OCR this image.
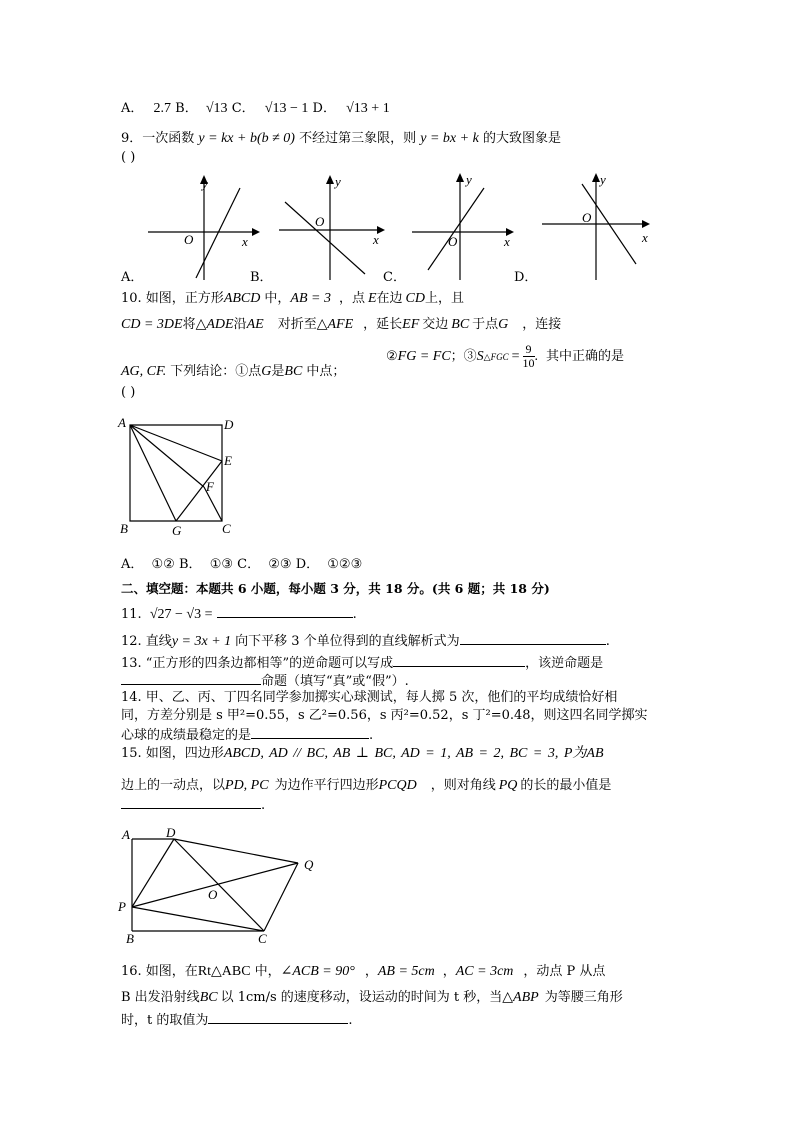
A． 2.7 B． √13 C． √13 − 1 D． √13 + 1
9．一次函数 y = kx + b(b ≠ 0) 不经过第三象限，则 y = bx + k 的大致图象是
( )
x
y
O	x
y
O
x
y
O	x
y
O
A．	B．	C．	D．
10. 如图，正方形ABCD 中，AB = 3 ，点 E在边 CD上，且
CD = 3DE将△ADE沿AE 对折至△AFE ，延长EF 交边 BC 于点G ，连接
AG, CF. 下列结论：①点G是BC 中点；
②FG = FC；③S△FGC = $\frac{9}{10}$ . 其中正确的是
( )
A	D
E
F
B	G	C
A． ①② B． ①③ C． ②③ D． ①②③
二、填空题：本题共 6 小题，每小题 3 分，共 18 分。(共 6 题；共 18 分)
11. √27 − √3 =	.
12. 直线y = 3x + 1 向下平移 3 个单位得到的直线解析式为	.
13. “正方形的四条边都相等”的逆命题可以写成	，该逆命题是
命题（填写“真”或“假”）.
14. 甲、乙、丙、丁四名同学参加掷实心球测试，每人掷 5 次，他们的平均成绩恰好相
同，方差分别是 s 甲²=0.55，s 乙²=0.56，s 丙²=0.52，s 丁²=0.48，则这四名同学掷实
心球的成绩最稳定的是	.
15. 如图，四边形ABCD, AD // BC, AB ⊥ BC, AD = 1, AB = 2, BC = 3, P为AB
边上的一动点，以PD, PC 为边作平行四边形PCQD ，则对角线 PQ 的长的最小值是
.
A	D
Q
O
P
B	C
16. 如图，在Rt△ABC 中，∠ACB = 90° ，AB = 5cm ，AC = 3cm ，动点 P 从点
B 出发沿射线BC 以 1cm/s 的速度移动，设运动的时间为 t 秒，当△ABP 为等腰三角形
时，t 的取值为	.
